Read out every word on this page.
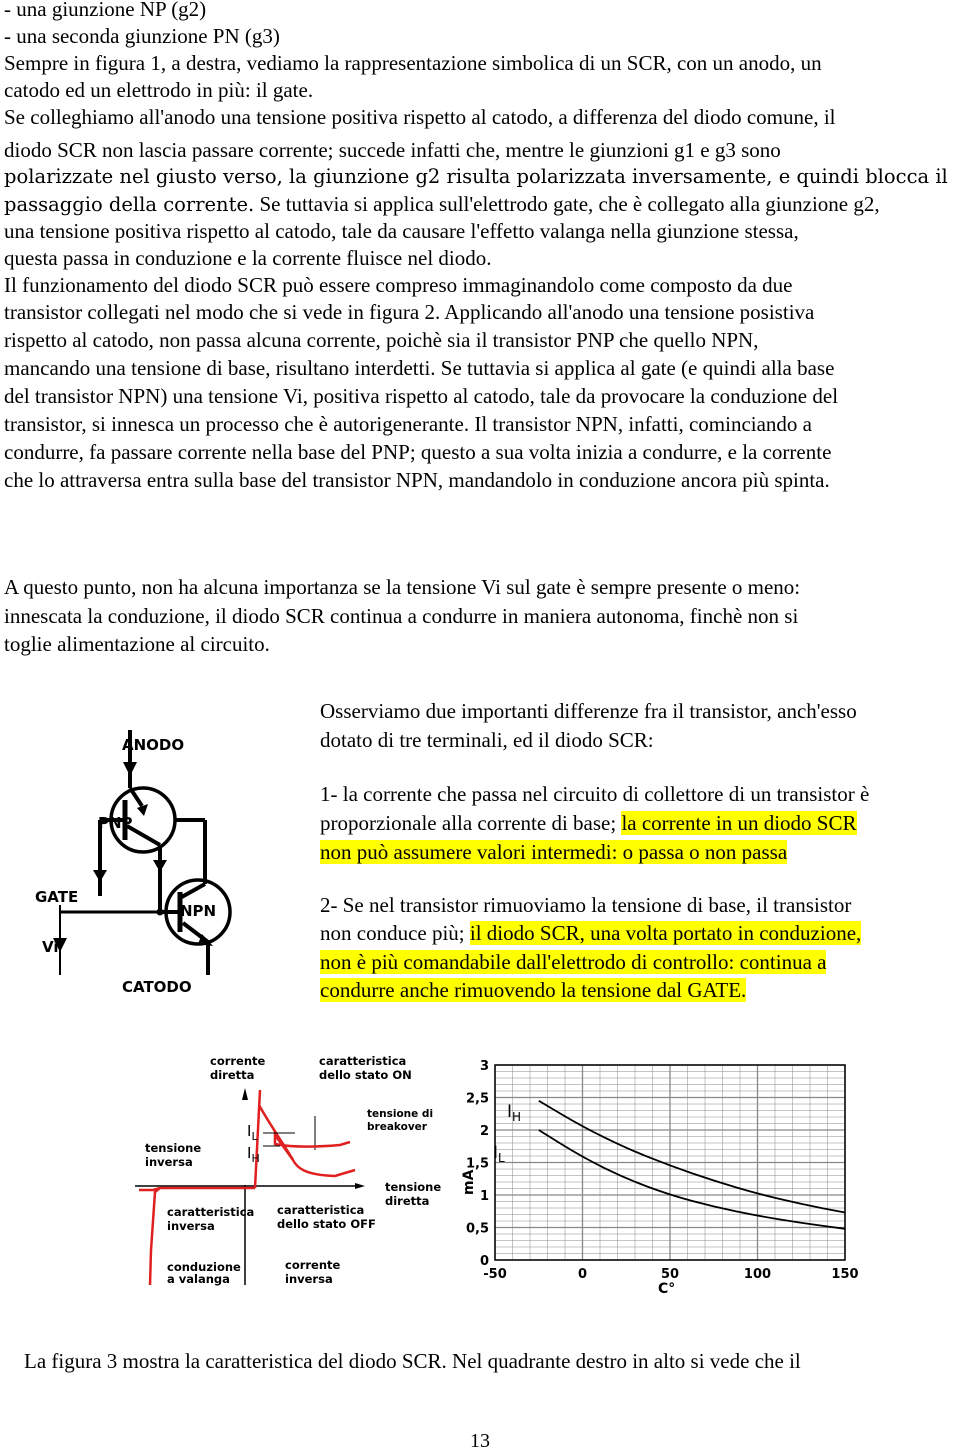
- una giunzione NP (g2)
- una seconda giunzione PN (g3)
Sempre in figura 1, a destra, vediamo la rappresentazione simbolica di un SCR, con un anodo, un
catodo ed un elettrodo in più: il gate.
Se colleghiamo all'anodo una tensione positiva rispetto al catodo, a differenza del diodo comune, il
diodo SCR non lascia passare corrente; succede infatti che, mentre le giunzioni g1 e g3 sono
polarizzate nel giusto verso, la giunzione g2 risulta polarizzata inversamente, e quindi blocca il
passaggio della corrente. Se tuttavia si applica sull'elettrodo gate, che è collegato alla giunzione g2,
una tensione positiva rispetto al catodo, tale da causare l'effetto valanga nella giunzione stessa,
questa passa in conduzione e la corrente fluisce nel diodo.
Il funzionamento del diodo SCR può essere compreso immaginandolo come composto da due
transistor collegati nel modo che si vede in figura 2. Applicando all'anodo una tensione posistiva
rispetto al catodo, non passa alcuna corrente, poichè sia il transistor PNP che quello NPN,
mancando una tensione di base, risultano interdetti. Se tuttavia si applica al gate (e quindi alla base
del transistor NPN) una tensione Vi, positiva rispetto al catodo, tale da provocare la conduzione del
transistor, si innesca un processo che è autorigenerante. Il transistor NPN, infatti, cominciando a
condurre, fa passare corrente nella base del PNP; questo a sua volta inizia a condurre, e la corrente
che lo attraversa entra sulla base del transistor NPN, mandandolo in conduzione ancora più spinta.
A questo punto, non ha alcuna importanza se la tensione Vi sul gate è sempre presente o meno:
innescata la conduzione, il diodo SCR continua a condurre in maniera autonoma, finchè non si
toglie alimentazione al circuito.
ANODO
PNP
GATE
NPN
Vi
CATODO
Osserviamo due importanti differenze fra il transistor, anch'esso
dotato di tre terminali, ed il diodo SCR:
1- la corrente che passa nel circuito di collettore di un transistor è
proporzionale alla corrente di base; la corrente in un diodo SCR
non può assumere valori intermedi: o passa o non passa
2- Se nel transistor rimuoviamo la tensione di base, il transistor
non conduce più; il diodo SCR, una volta portato in conduzione,
non è più comandabile dall'elettrodo di controllo: continua a
condurre anche rimuovendo la tensione dal GATE.
corrente
diretta
caratteristica
dello stato ON
tensione di
breakover
tensione
inversa
tensione
diretta
caratteristica
inversa
caratteristica
dello stato OFF
conduzione
a valanga
corrente
inversa
$I_L$
$I_H$
-50	0	50	100	150
0
0,5
1
1,5
2
2,5
3
mA
C°
$I_H$
$I_L$
La figura 3 mostra la caratteristica del diodo SCR. Nel quadrante destro in alto si vede che il
13
